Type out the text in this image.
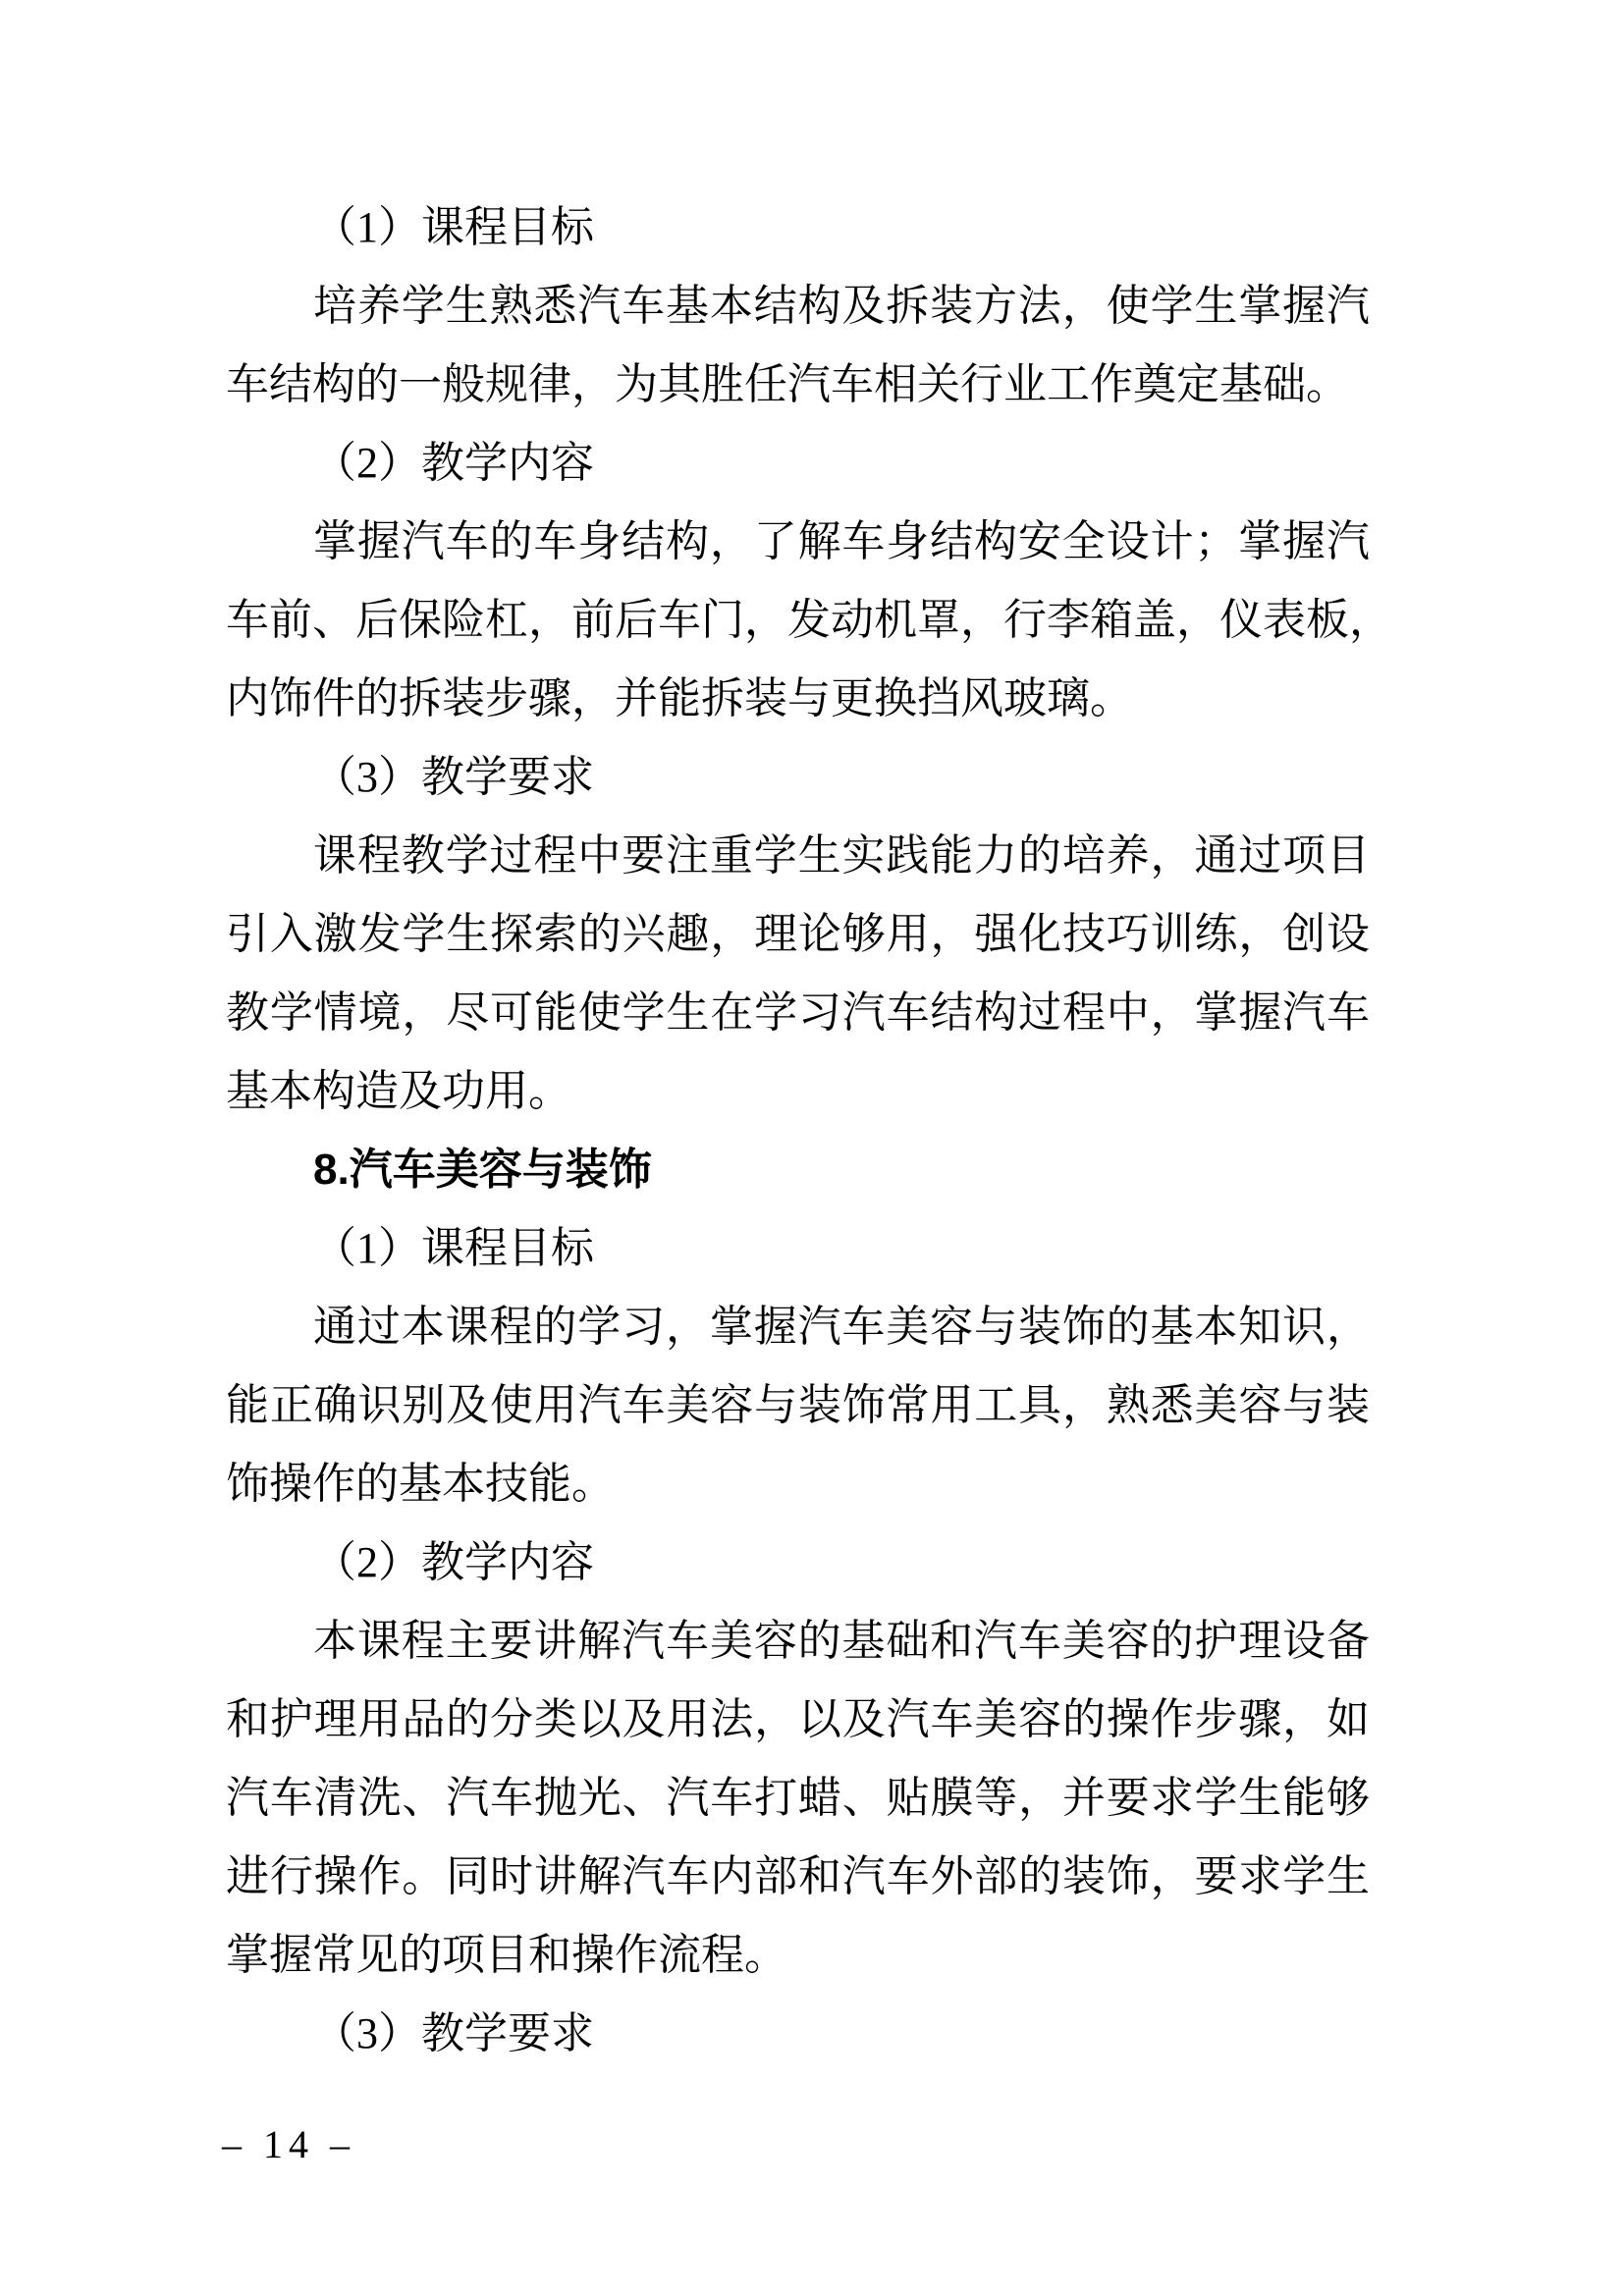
（1）课程目标
培养学生熟悉汽车基本结构及拆装方法，使学生掌握汽
车结构的一般规律，为其胜任汽车相关行业工作奠定基础。
（2）教学内容
掌握汽车的车身结构，了解车身结构安全设计；掌握汽
车前、后保险杠，前后车门，发动机罩，行李箱盖，仪表板，
内饰件的拆装步骤，并能拆装与更换挡风玻璃。
（3）教学要求
课程教学过程中要注重学生实践能力的培养，通过项目
引入激发学生探索的兴趣，理论够用，强化技巧训练，创设
教学情境，尽可能使学生在学习汽车结构过程中，掌握汽车
基本构造及功用。
8.汽车美容与装饰
（1）课程目标
通过本课程的学习，掌握汽车美容与装饰的基本知识，
能正确识别及使用汽车美容与装饰常用工具，熟悉美容与装
饰操作的基本技能。
（2）教学内容
本课程主要讲解汽车美容的基础和汽车美容的护理设备
和护理用品的分类以及用法，以及汽车美容的操作步骤，如
汽车清洗、汽车抛光、汽车打蜡、贴膜等，并要求学生能够
进行操作。同时讲解汽车内部和汽车外部的装饰，要求学生
掌握常见的项目和操作流程。
（3）教学要求
– 14 –
